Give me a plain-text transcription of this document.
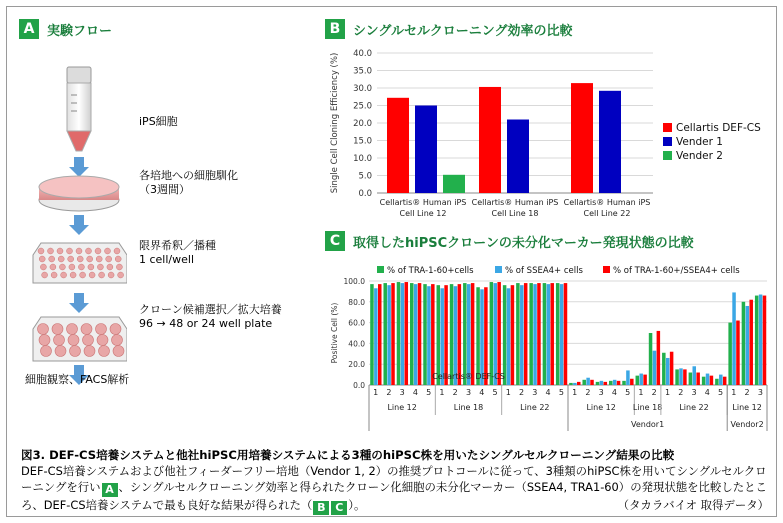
A 実験フロー
iPS細胞
各培地への細胞馴化
（3週間）
限界希釈／播種
1 cell/well
クローン候補選択／拡大培養
96 → 48 or 24 well plate
細胞観察、FACS解析
B シングルセルクローニング効率の比較
0.0
5.0
10.0
15.0
20.0
25.0
30.0
35.0
40.0
Single Cell Cloning Efficiency (%)
Cellartis® Human iPS
Cell Line 12
Cellartis® Human iPS
Cell Line 18
Cellartis® Human iPS
Cell Line 22
Cellartis DEF-CS
Vender 1
Vender 2
C 取得したhiPSCクローンの未分化マーカー発現状態の比較
0.0
20.0
40.0
60.0
80.0
100.0
Positive Cell (%)
% of TRA-1-60+cells	% of SSEA4+ cells	% of TRA-1-60+/SSEA4+ cells
1 2 3 4 5
Line 12
1 2 3 4 5
Line 18
1 2 3 4 5
Line 22
Cellartis® DEF-CS
1 2 3 4 5
Line 12
1 2
Line 18
1 2 3 4 5
Line 22
Vendor1
1 2 3
Line 12
Vendor2
図3. DEF-CS培養システムと他社hiPSC用培養システムによる3種のhiPSC株を用いたシングルセルクローニング結果の比較
DEF-CS培養システムおよび他社フィーダーフリー培地（Vendor 1, 2）の推奨プロトコールに従って、3種類のhiPSC株を用いてシングルセルクローニングを行い A 、シングルセルクローニング効率と得られたクローン化細胞の未分化マーカー（SSEA4, TRA1-60）の発現状態を比較したところ、DEF-CS培養システムで最も良好な結果が得られた（ B C ）。	（タカラバイオ 取得データ）
